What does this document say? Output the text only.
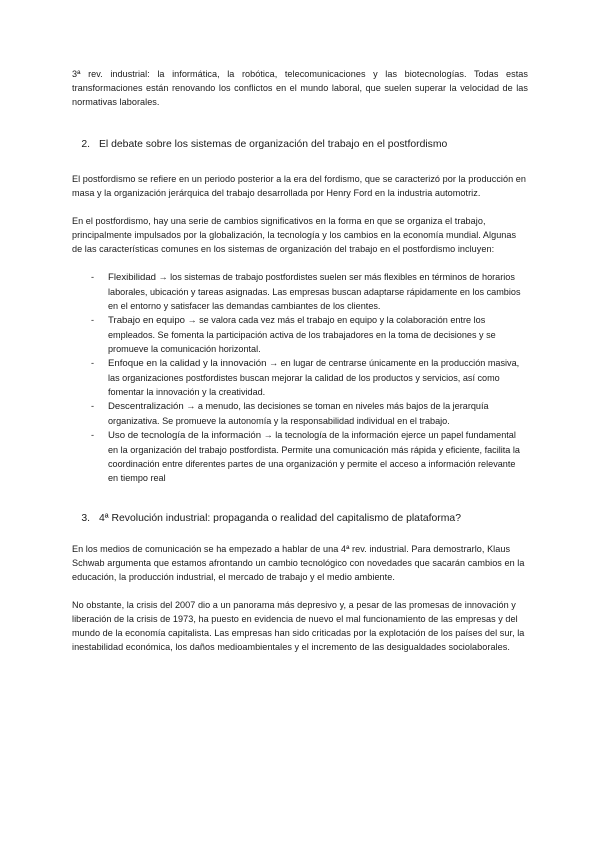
3ª rev. industrial: la informática, la robótica, telecomunicaciones y las biotecnologías. Todas estas transformaciones están renovando los conflictos en el mundo laboral, que suelen superar la velocidad de las normativas laborales.

2. El debate sobre los sistemas de organización del trabajo en el postfordismo

El postfordismo se refiere en un periodo posterior a la era del fordismo, que se caracterizó por la producción en masa y la organización jerárquica del trabajo desarrollada por Henry Ford en la industria automotriz.

En el postfordismo, hay una serie de cambios significativos en la forma en que se organiza el trabajo, principalmente impulsados por la globalización, la tecnología y los cambios en la economía mundial. Algunas de las características comunes en los sistemas de organización del trabajo en el postfordismo incluyen:

- Flexibilidad → los sistemas de trabajo postfordistes suelen ser más flexibles en términos de horarios laborales, ubicación y tareas asignadas. Las empresas buscan adaptarse rápidamente en los cambios en el entorno y satisfacer las demandas cambiantes de los clientes.
- Trabajo en equipo → se valora cada vez más el trabajo en equipo y la colaboración entre los empleados. Se fomenta la participación activa de los trabajadores en la toma de decisiones y se promueve la comunicación horizontal.
- Enfoque en la calidad y la innovación → en lugar de centrarse únicamente en la producción masiva, las organizaciones postfordistes buscan mejorar la calidad de los productos y servicios, así como fomentar la innovación y la creatividad.
- Descentralización → a menudo, las decisiones se toman en niveles más bajos de la jerarquía organizativa. Se promueve la autonomía y la responsabilidad individual en el trabajo.
- Uso de tecnología de la información → la tecnología de la información ejerce un papel fundamental en la organización del trabajo postfordista. Permite una comunicación más rápida y eficiente, facilita la coordinación entre diferentes partes de una organización y permite el acceso a información relevante en tiempo real
3. 4ª Revolución industrial: propaganda o realidad del capitalismo de plataforma?

En los medios de comunicación se ha empezado a hablar de una 4ª rev. industrial. Para demostrarlo, Klaus Schwab argumenta que estamos afrontando un cambio tecnológico con novedades que sacarán cambios en la educación, la producción industrial, el mercado de trabajo y el medio ambiente.

No obstante, la crisis del 2007 dio a un panorama más depresivo y, a pesar de las promesas de innovación y liberación de la crisis de 1973, ha puesto en evidencia de nuevo el mal funcionamiento de las empresas y del mundo de la economía capitalista. Las empresas han sido criticadas por la explotación de los países del sur, la inestabilidad económica, los daños medioambientales y el incremento de las desigualdades sociolaborales.
